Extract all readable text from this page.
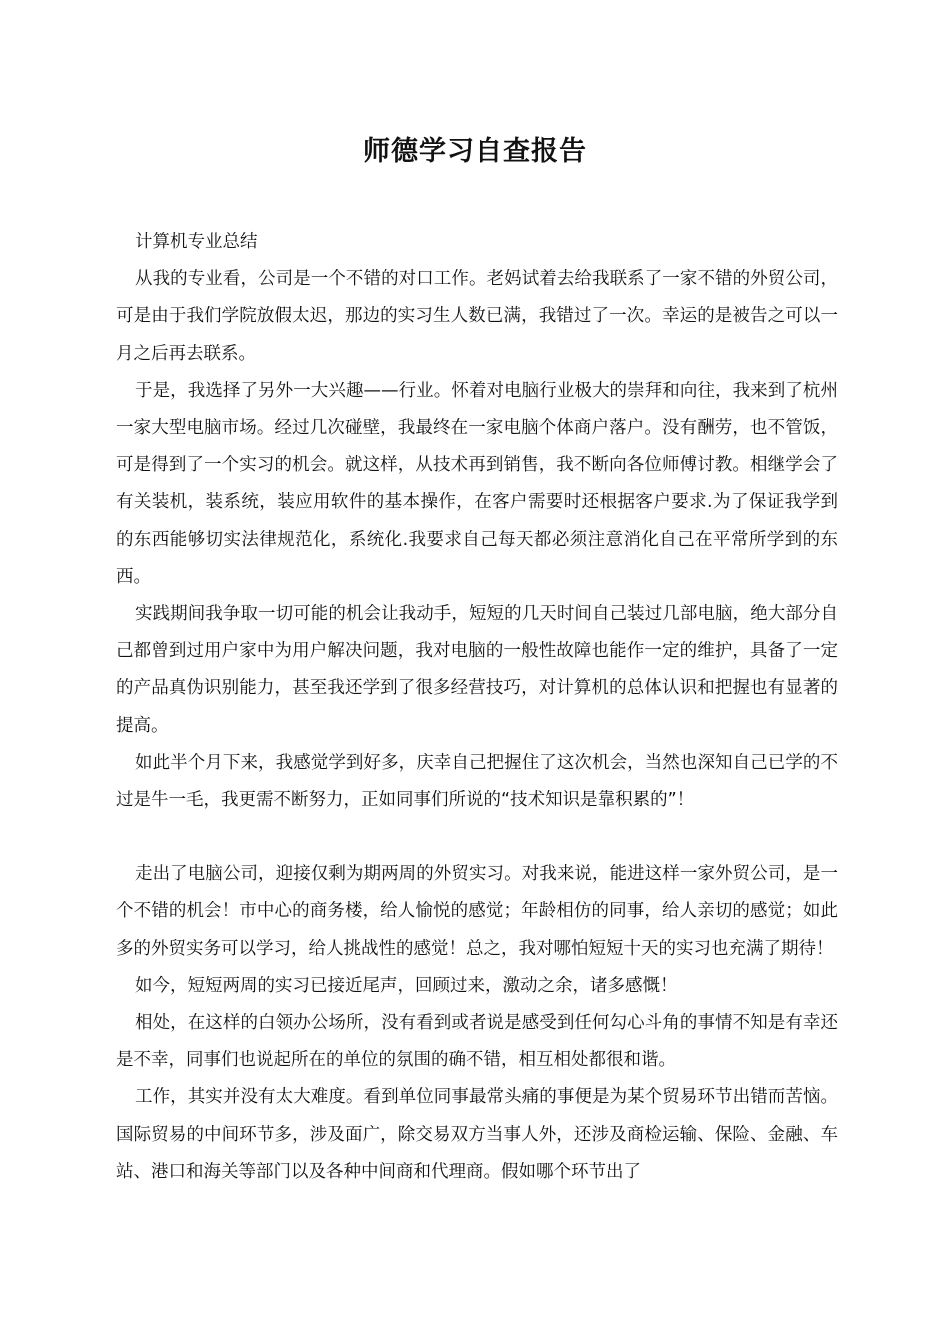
师德学习自查报告

计算机专业总结

从我的专业看，公司是一个不错的对口工作。老妈试着去给我联系了一家不错的外贸公司，可是由于我们学院放假太迟，那边的实习生人数已满，我错过了一次。幸运的是被告之可以一月之后再去联系。

于是，我选择了另外一大兴趣——行业。怀着对电脑行业极大的崇拜和向往，我来到了杭州一家大型电脑市场。经过几次碰壁，我最终在一家电脑个体商户落户。没有酬劳，也不管饭，可是得到了一个实习的机会。就这样，从技术再到销售，我不断向各位师傅讨教。相继学会了有关装机，装系统，装应用软件的基本操作，在客户需要时还根据客户要求.为了保证我学到的东西能够切实法律规范化，系统化.我要求自己每天都必须注意消化自己在平常所学到的东西。

实践期间我争取一切可能的机会让我动手，短短的几天时间自己装过几部电脑，绝大部分自己都曾到过用户家中为用户解决问题，我对电脑的一般性故障也能作一定的维护，具备了一定的产品真伪识别能力，甚至我还学到了很多经营技巧，对计算机的总体认识和把握也有显著的提高。

如此半个月下来，我感觉学到好多，庆幸自己把握住了这次机会，当然也深知自己已学的不过是牛一毛，我更需不断努力，正如同事们所说的“技术知识是靠积累的”！

走出了电脑公司，迎接仅剩为期两周的外贸实习。对我来说，能进这样一家外贸公司，是一个不错的机会！市中心的商务楼，给人愉悦的感觉；年龄相仿的同事，给人亲切的感觉；如此多的外贸实务可以学习，给人挑战性的感觉！总之，我对哪怕短短十天的实习也充满了期待！

如今，短短两周的实习已接近尾声，回顾过来，激动之余，诸多感慨！

相处，在这样的白领办公场所，没有看到或者说是感受到任何勾心斗角的事情不知是有幸还是不幸，同事们也说起所在的单位的氛围的确不错，相互相处都很和谐。

工作，其实并没有太大难度。看到单位同事最常头痛的事便是为某个贸易环节出错而苦恼。国际贸易的中间环节多，涉及面广，除交易双方当事人外，还涉及商检运输、保险、金融、车站、港口和海关等部门以及各种中间商和代理商。假如哪个环节出了
